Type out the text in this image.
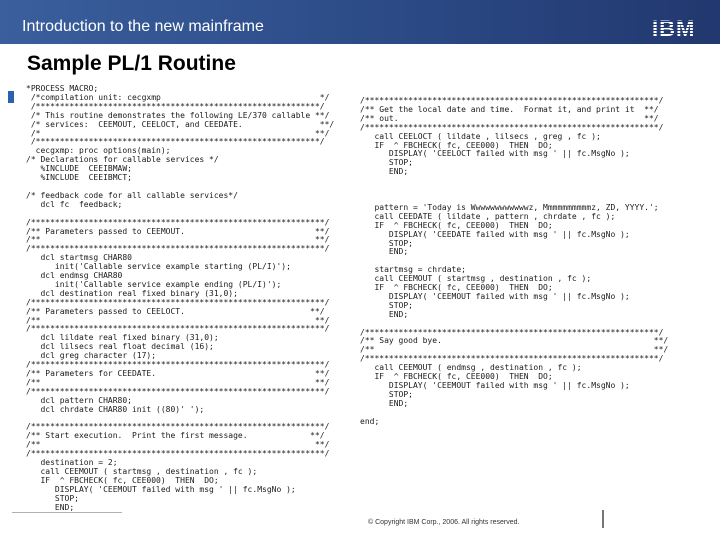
Introduction to the new mainframe	IBM
Sample PL/1 Routine
*PROCESS MACRO;
/*compilation unit: cecgxmp                                 */
/***********************************************************/
/* This routine demonstrates the following LE/370 callable **/
/* services:  CEEMOUT, CEELOCT, and CEEDATE.                **/
/*                                                         **/
/***********************************************************/
cecgxmp: proc options(main);
/* Declarations for callable services */
%INCLUDE  CEEIBMAW;
%INCLUDE  CEEIBMCT;

/* feedback code for all callable services*/
dcl fc  feedback;

/*************************************************************/
/** Parameters passed to CEEMOUT.                           **/
/**                                                         **/
/*************************************************************/
dcl startmsg CHAR80
init('Callable service example starting (PL/I)');
dcl endmsg CHAR80
init('Callable service example ending (PL/I)');
dcl destination real fixed binary (31,0);
/*************************************************************/
/** Parameters passed to CEELOCT.                          **/
/**                                                         **/
/*************************************************************/
dcl lildate real fixed binary (31,0);
dcl lilsecs real float decimal (16);
dcl greg character (17);
/*************************************************************/
/** Parameters for CEEDATE.                                 **/
/**                                                         **/
/*************************************************************/
dcl pattern CHAR80;
dcl chrdate CHAR80 init ((80)' ');

/*************************************************************/
/** Start execution.  Print the first message.             **/
/**                                                         **/
/*************************************************************/
destination = 2;
call CEEMOUT ( startmsg , destination , fc );
IF  ^ FBCHECK( fc, CEE000)  THEN  DO;
DISPLAY( 'CEEMOUT failed with msg ' || fc.MsgNo );
STOP;
END;
/*************************************************************/
/** Get the local date and time.  Format it, and print it  **/
/** out.                                                   **/
/*************************************************************/
call CEELOCT ( lildate , lilsecs , greg , fc );
IF  ^ FBCHECK( fc, CEE000)  THEN  DO;
DISPLAY( 'CEELOCT failed with msg ' || fc.MsgNo );
STOP;
END;

pattern = 'Today is Wwwwwwwwwwwwz, Mmmmmmmmmmz, ZD, YYYY.';
call CEEDATE ( lildate , pattern , chrdate , fc );
IF  ^ FBCHECK( fc, CEE000)  THEN  DO;
DISPLAY( 'CEEDATE failed with msg ' || fc.MsgNo );
STOP;
END;

startmsg = chrdate;
call CEEMOUT ( startmsg , destination , fc );
IF  ^ FBCHECK( fc, CEE000)  THEN  DO;
DISPLAY( 'CEEMOUT failed with msg ' || fc.MsgNo );
STOP;
END;

/*************************************************************/
/** Say good bye.                                            **/
/**                                                          **/
/*************************************************************/
call CEEMOUT ( endmsg , destination , fc );
IF  ^ FBCHECK( fc, CEE000)  THEN  DO;
DISPLAY( 'CEEMOUT failed with msg ' || fc.MsgNo );
STOP;
END;

end;
© Copyright IBM Corp., 2006. All rights reserved.
